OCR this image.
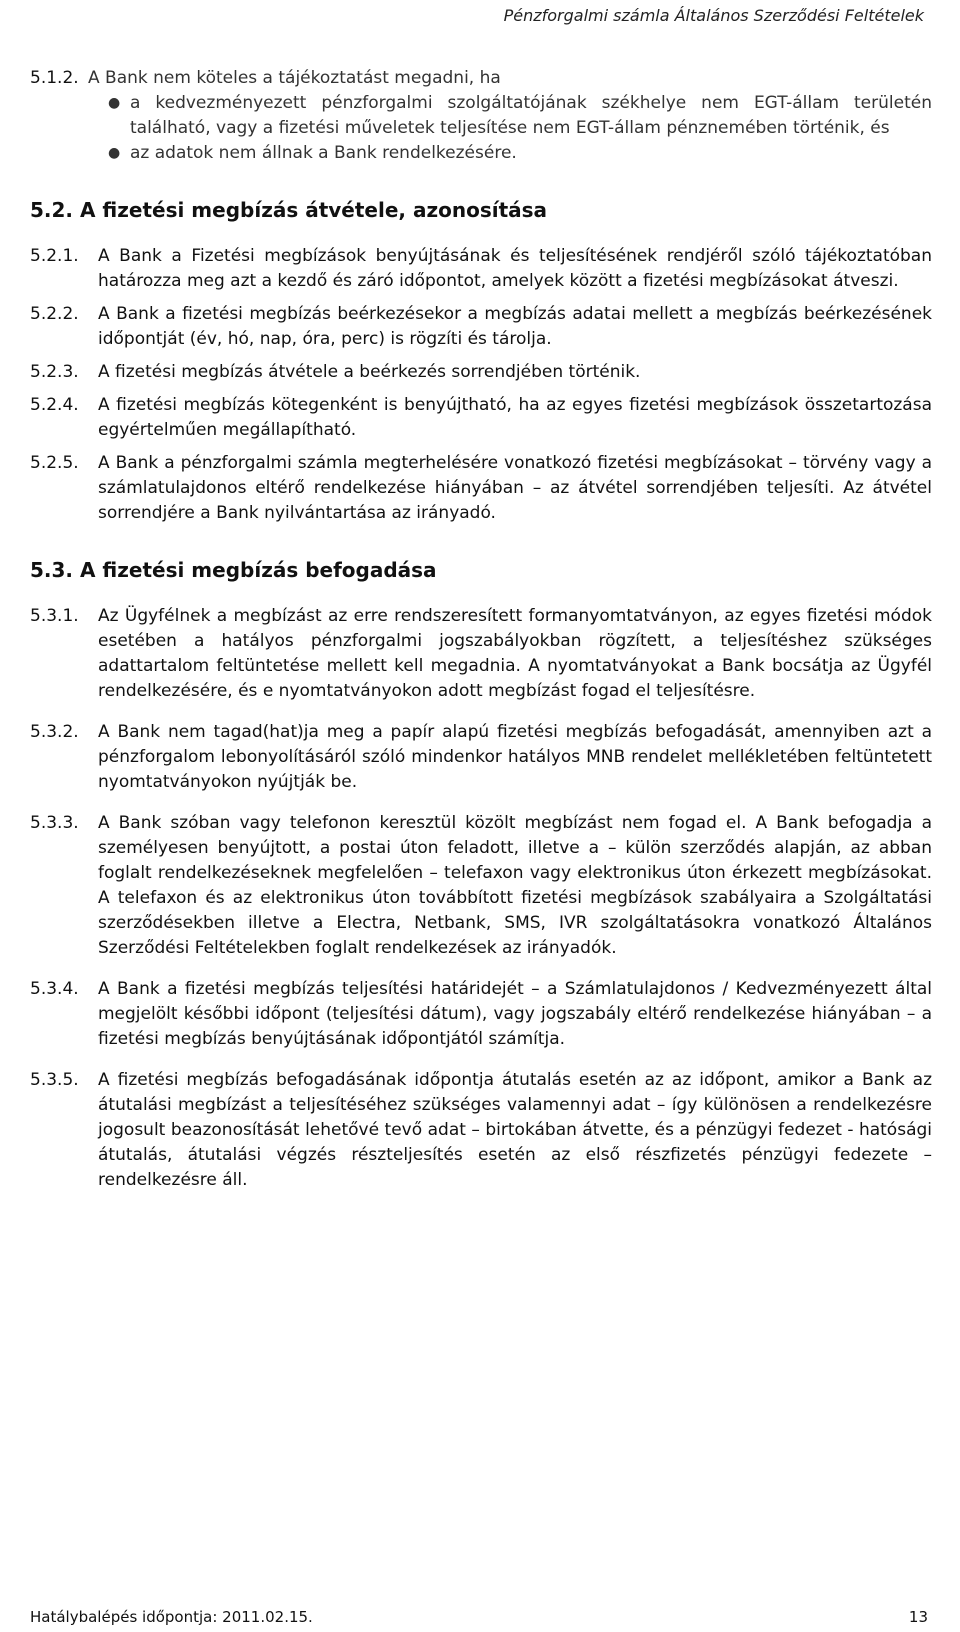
Pénzforgalmi számla Általános Szerződési Feltételek
5.1.2. A Bank nem köteles a tájékoztatást megadni, ha
● a kedvezményezett pénzforgalmi szolgáltatójának székhelye nem EGT-állam területén található, vagy a fizetési műveletek teljesítése nem EGT-állam pénznemében történik, és
● az adatok nem állnak a Bank rendelkezésére.
5.2. A fizetési megbízás átvétele, azonosítása
5.2.1.	A Bank a Fizetési megbízások benyújtásának és teljesítésének rendjéről szóló tájékoztatóban határozza meg azt a kezdő és záró időpontot, amelyek között a fizetési megbízásokat átveszi.
5.2.2.	A Bank a fizetési megbízás beérkezésekor a megbízás adatai mellett a megbízás beérkezésének időpontját (év, hó, nap, óra, perc) is rögzíti és tárolja.
5.2.3.	A fizetési megbízás átvétele a beérkezés sorrendjében történik.
5.2.4.	A fizetési megbízás kötegenként is benyújtható, ha az egyes fizetési megbízások összetartozása egyértelműen megállapítható.
5.2.5.	A Bank a pénzforgalmi számla megterhelésére vonatkozó fizetési megbízásokat – törvény vagy a számlatulajdonos eltérő rendelkezése hiányában – az átvétel sorrendjében teljesíti. Az átvétel sorrendjére a Bank nyilvántartása az irányadó.
5.3. A fizetési megbízás befogadása
5.3.1.	Az Ügyfélnek a megbízást az erre rendszeresített formanyomtatványon, az egyes fizetési módok esetében a hatályos pénzforgalmi jogszabályokban rögzített, a teljesítéshez szükséges adattartalom feltüntetése mellett kell megadnia. A nyomtatványokat a Bank bocsátja az Ügyfél rendelkezésére, és e nyomtatványokon adott megbízást fogad el teljesítésre.
5.3.2.	A Bank nem tagad(hat)ja meg a papír alapú fizetési megbízás befogadását, amennyiben azt a pénzforgalom lebonyolításáról szóló mindenkor hatályos MNB rendelet mellékletében feltüntetett nyomtatványokon nyújtják be.
5.3.3.	A Bank szóban vagy telefonon keresztül közölt megbízást nem fogad el. A Bank befogadja a személyesen benyújtott, a postai úton feladott, illetve a – külön szerződés alapján, az abban foglalt rendelkezéseknek megfelelően – telefaxon vagy elektronikus úton érkezett megbízásokat. A telefaxon és az elektronikus úton továbbított fizetési megbízások szabályaira a Szolgáltatási szerződésekben illetve a Electra, Netbank, SMS, IVR szolgáltatásokra vonatkozó Általános Szerződési Feltételekben foglalt rendelkezések az irányadók.
5.3.4.	A Bank a fizetési megbízás teljesítési határidejét – a Számlatulajdonos / Kedvezményezett által megjelölt későbbi időpont (teljesítési dátum), vagy jogszabály eltérő rendelkezése hiányában – a fizetési megbízás benyújtásának időpontjától számítja.
5.3.5.	A fizetési megbízás befogadásának időpontja átutalás esetén az az időpont, amikor a Bank az átutalási megbízást a teljesítéséhez szükséges valamennyi adat – így különösen a rendelkezésre jogosult beazonosítását lehetővé tevő adat – birtokában átvette, és a pénzügyi fedezet - hatósági átutalás, átutalási végzés részteljesítés esetén az első részfizetés pénzügyi fedezete – rendelkezésre áll.
Hatálybalépés időpontja: 2011.02.15.	13
